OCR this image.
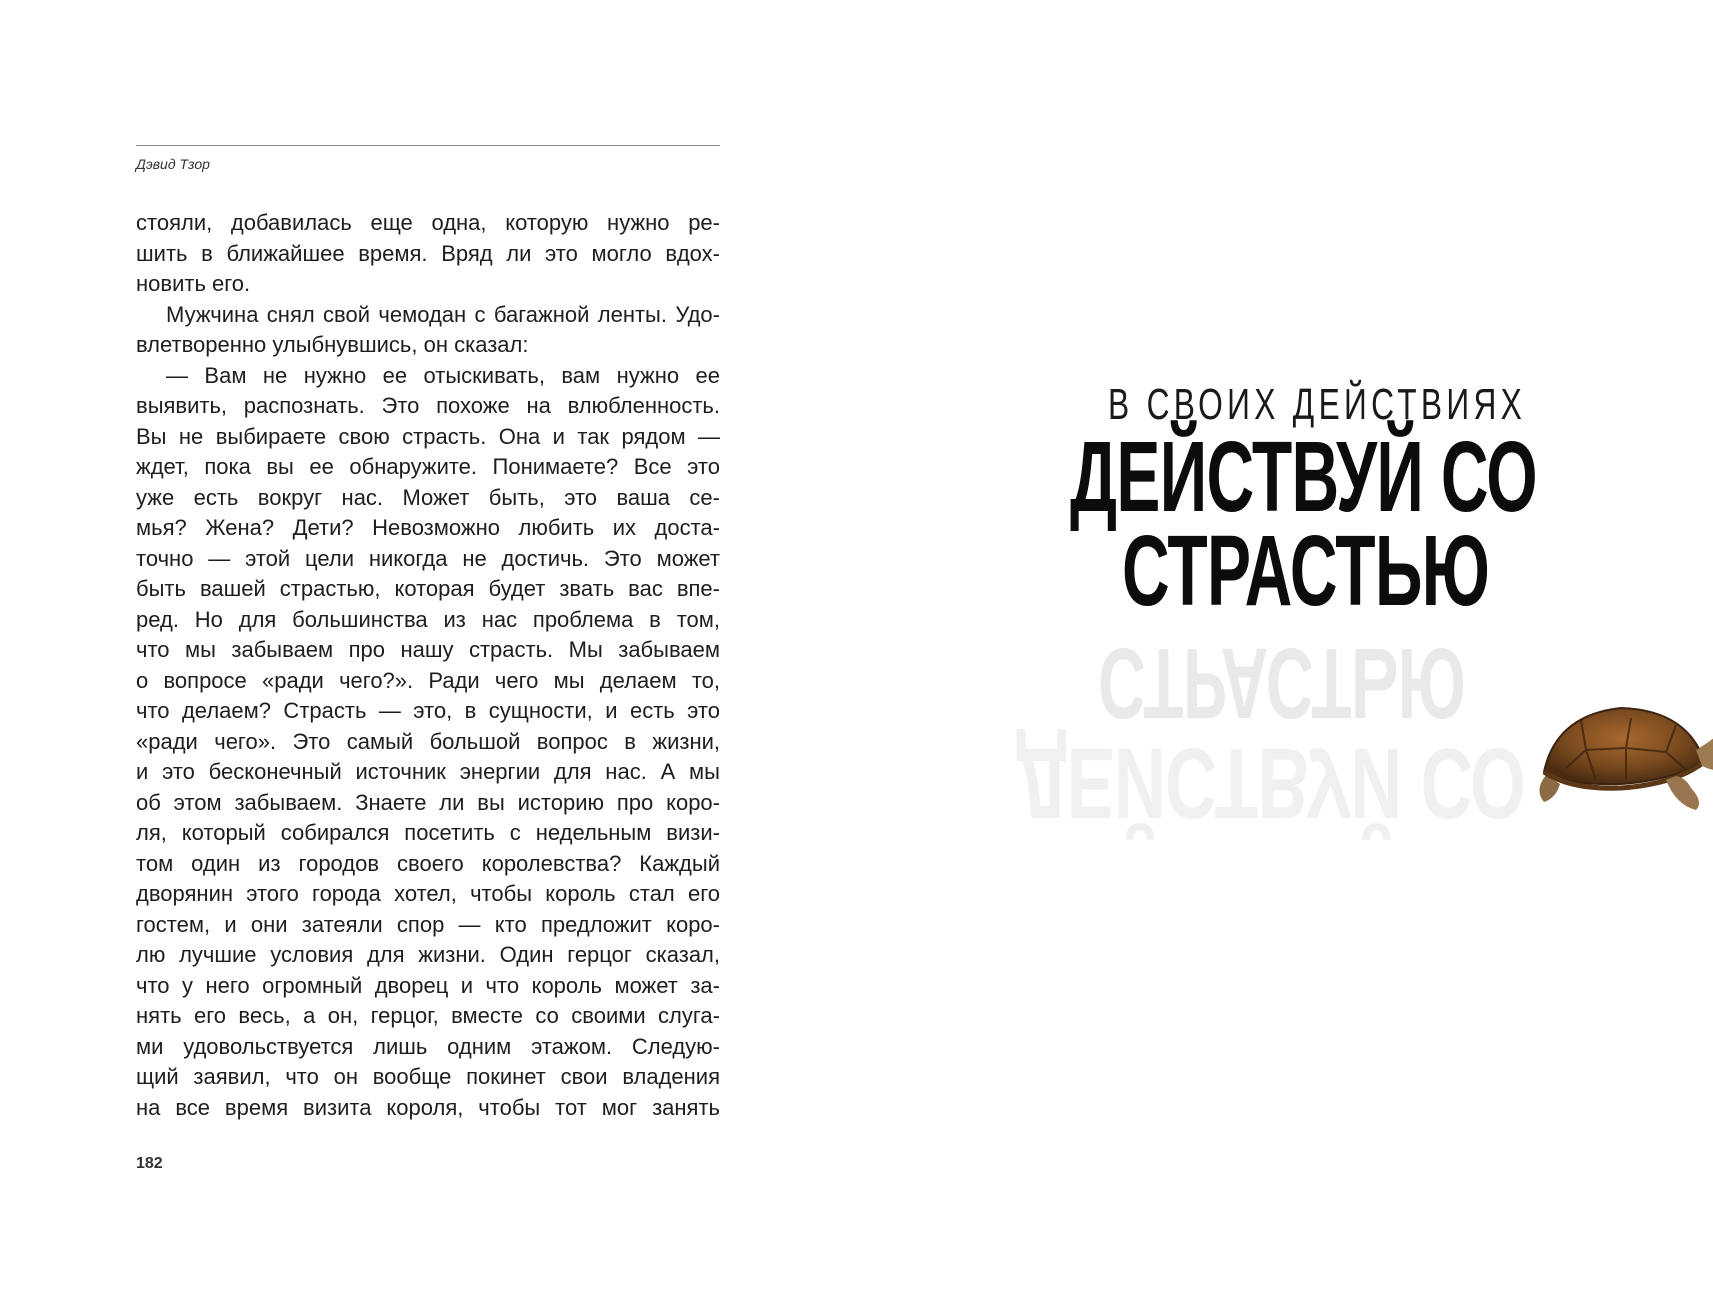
Дэвид Тзор
стояли, добавилась еще одна, которую нужно ре-
шить в ближайшее время. Вряд ли это могло вдох-
новить его.
Мужчина снял свой чемодан с багажной ленты. Удо-
влетворенно улыбнувшись, он сказал:
— Вам не нужно ее отыскивать, вам нужно ее
выявить, распознать. Это похоже на влюбленность.
Вы не выбираете свою страсть. Она и так рядом —
ждет, пока вы ее обнаружите. Понимаете? Все это
уже есть вокруг нас. Может быть, это ваша се-
мья? Жена? Дети? Невозможно любить их доста-
точно — этой цели никогда не достичь. Это может
быть вашей страстью, которая будет звать вас впе-
ред. Но для большинства из нас проблема в том,
что мы забываем про нашу страсть. Мы забываем
о вопросе «ради чего?». Ради чего мы делаем то,
что делаем? Страсть — это, в сущности, и есть это
«ради чего». Это самый большой вопрос в жизни,
и это бесконечный источник энергии для нас. А мы
об этом забываем. Знаете ли вы историю про коро-
ля, который собирался посетить с недельным визи-
том один из городов своего королевства? Каждый
дворянин этого города хотел, чтобы король стал его
гостем, и они затеяли спор — кто предложит коро-
лю лучшие условия для жизни. Один герцог сказал,
что у него огромный дворец и что король может за-
нять его весь, а он, герцог, вместе со своими слуга-
ми удовольствуется лишь одним этажом. Следую-
щий заявил, что он вообще покинет свои владения
на все время визита короля, чтобы тот мог занять
182
В СВОИХ ДЕЙСТВИЯХ
ДЕЙСТВУЙ СО
СТРАСТЬЮ
СТРАСТЬЮ
ДЕЙСТВУЙ СО
